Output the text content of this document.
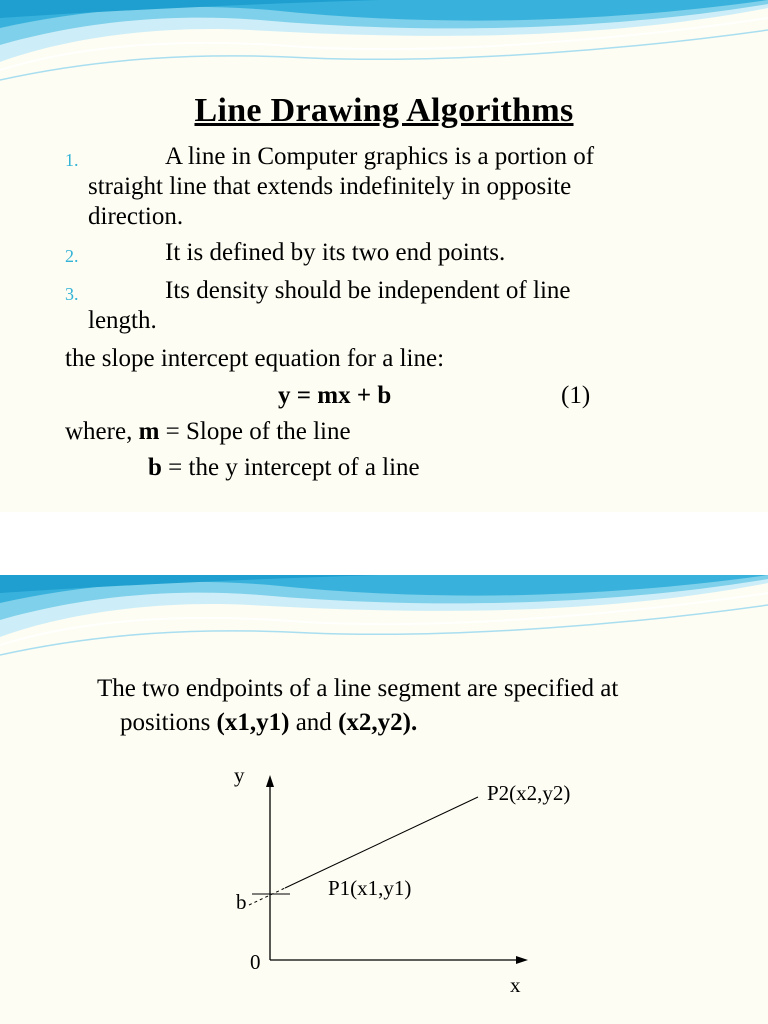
Line Drawing Algorithms
1.	A line in Computer graphics is a portion of
straight line that extends indefinitely in opposite
direction.
2.	It is defined by its two end points.
3.	Its density should be independent of line
length.
the slope intercept equation for a line:
y = mx + b	(1)
where, m = Slope of the line
b = the y intercept of a line
The two endpoints of a line segment are specified at
positions (x1,y1) and (x2,y2).
y
x
0
b
P1(x1,y1)
P2(x2,y2)
